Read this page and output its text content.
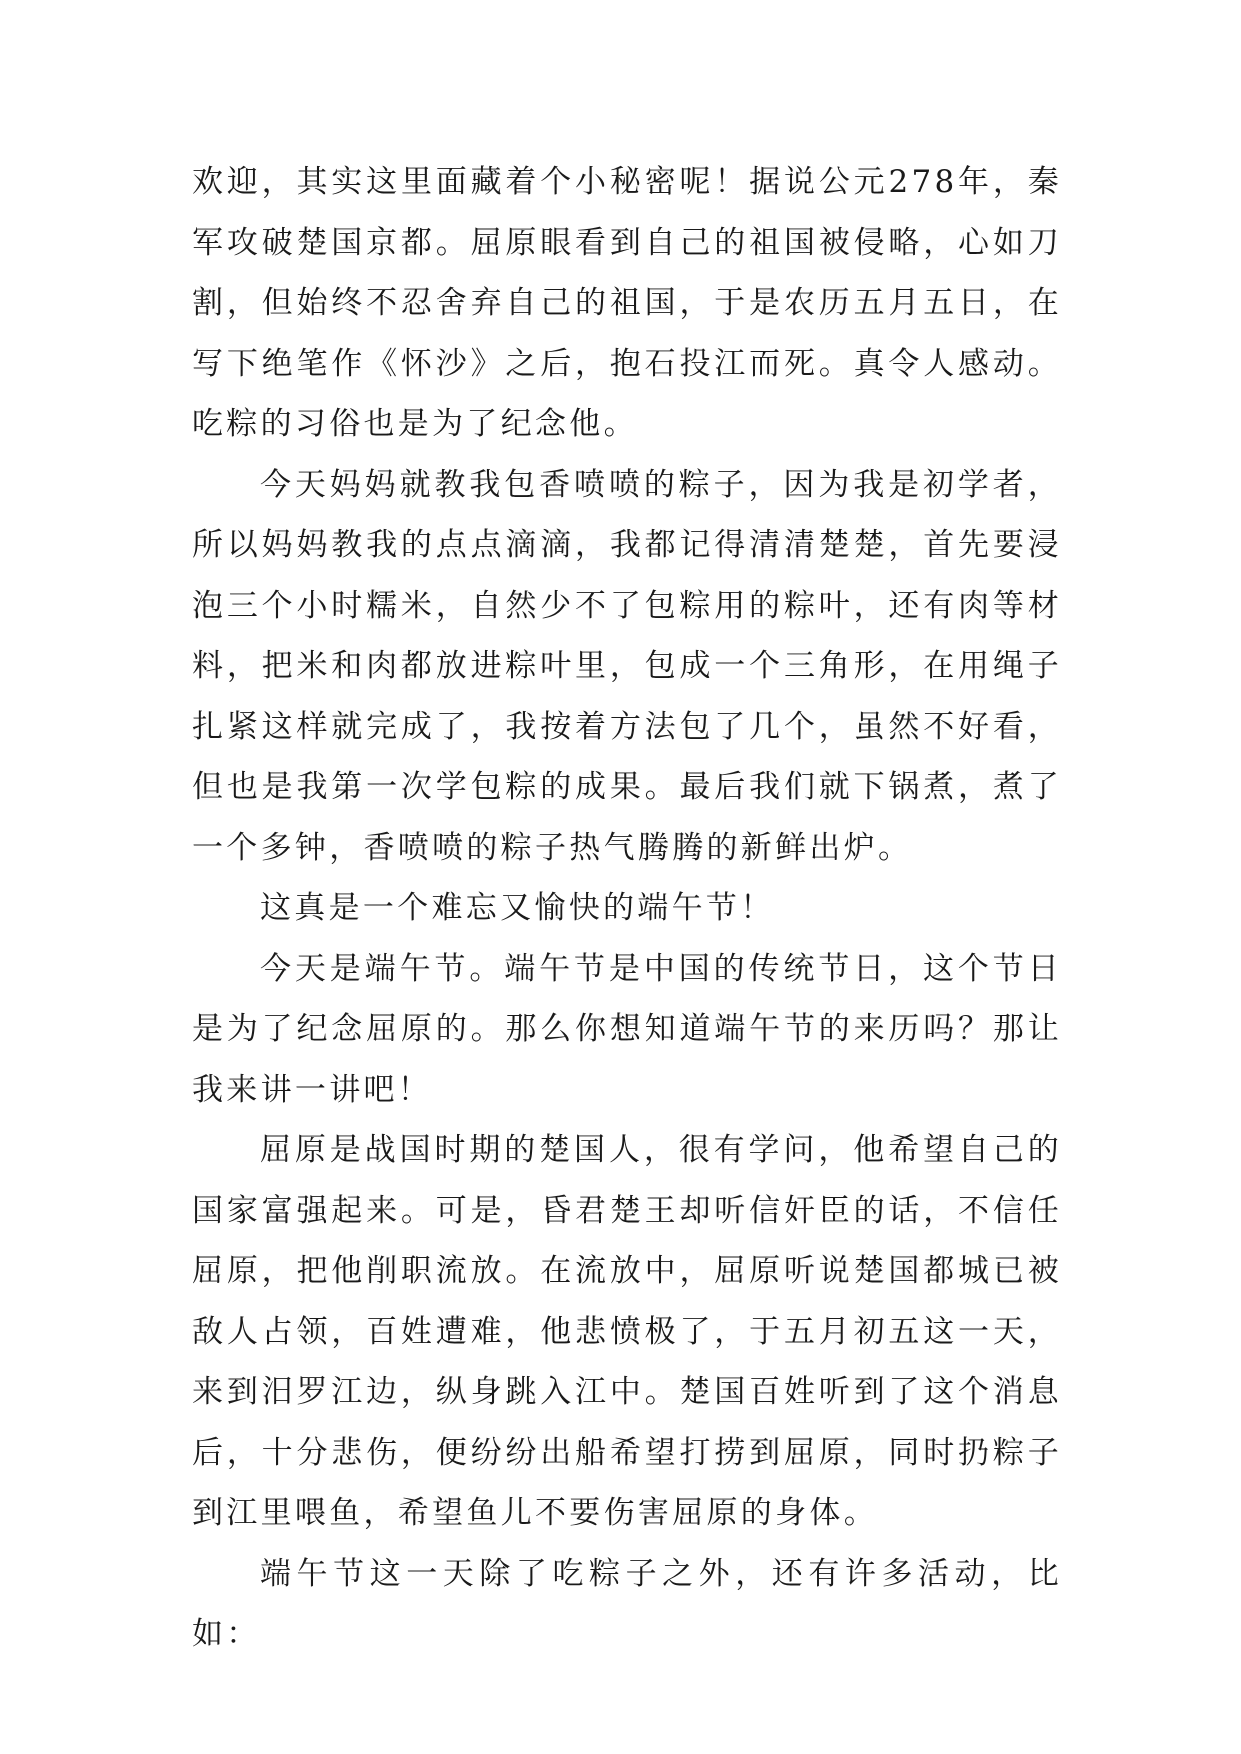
欢迎，其实这里面藏着个小秘密呢！据说公元278年，秦军攻破楚国京都。屈原眼看到自己的祖国被侵略，心如刀割，但始终不忍舍弃自己的祖国，于是农历五月五日，在写下绝笔作《怀沙》之后，抱石投江而死。真令人感动。吃粽的习俗也是为了纪念他。

今天妈妈就教我包香喷喷的粽子，因为我是初学者，所以妈妈教我的点点滴滴，我都记得清清楚楚，首先要浸泡三个小时糯米，自然少不了包粽用的粽叶，还有肉等材料，把米和肉都放进粽叶里，包成一个三角形，在用绳子扎紧这样就完成了，我按着方法包了几个，虽然不好看，但也是我第一次学包粽的成果。最后我们就下锅煮，煮了一个多钟，香喷喷的粽子热气腾腾的新鲜出炉。

这真是一个难忘又愉快的端午节！

今天是端午节。端午节是中国的传统节日，这个节日是为了纪念屈原的。那么你想知道端午节的来历吗？那让我来讲一讲吧！

屈原是战国时期的楚国人，很有学问，他希望自己的国家富强起来。可是，昏君楚王却听信奸臣的话，不信任屈原，把他削职流放。在流放中，屈原听说楚国都城已被敌人占领，百姓遭难，他悲愤极了，于五月初五这一天，来到汨罗江边，纵身跳入江中。楚国百姓听到了这个消息后，十分悲伤，便纷纷出船希望打捞到屈原，同时扔粽子到江里喂鱼，希望鱼儿不要伤害屈原的身体。

端午节这一天除了吃粽子之外，还有许多活动，比如：
